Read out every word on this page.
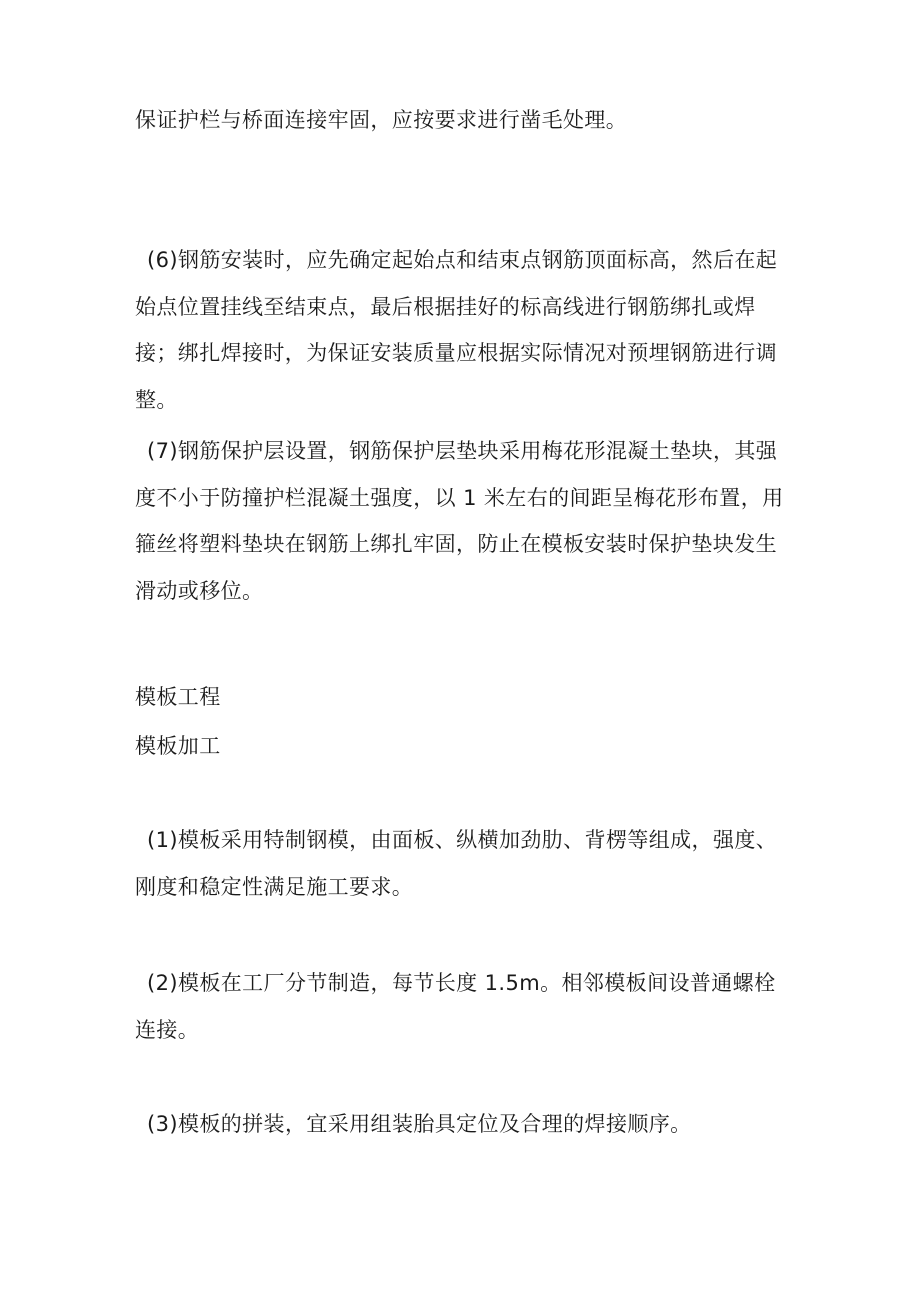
保证护栏与桥面连接牢固，应按要求进行凿毛处理。

(6)钢筋安装时，应先确定起始点和结束点钢筋顶面标高，然后在起始点位置挂线至结束点，最后根据挂好的标高线进行钢筋绑扎或焊接；绑扎焊接时，为保证安装质量应根据实际情况对预埋钢筋进行调整。

(7)钢筋保护层设置，钢筋保护层垫块采用梅花形混凝土垫块，其强度不小于防撞护栏混凝土强度，以 1 米左右的间距呈梅花形布置，用箍丝将塑料垫块在钢筋上绑扎牢固，防止在模板安装时保护垫块发生滑动或移位。

模板工程
模板加工

(1)模板采用特制钢模，由面板、纵横加劲肋、背楞等组成，强度、刚度和稳定性满足施工要求。

(2)模板在工厂分节制造，每节长度 1.5m。相邻模板间设普通螺栓连接。

(3)模板的拼装，宜采用组装胎具定位及合理的焊接顺序。
